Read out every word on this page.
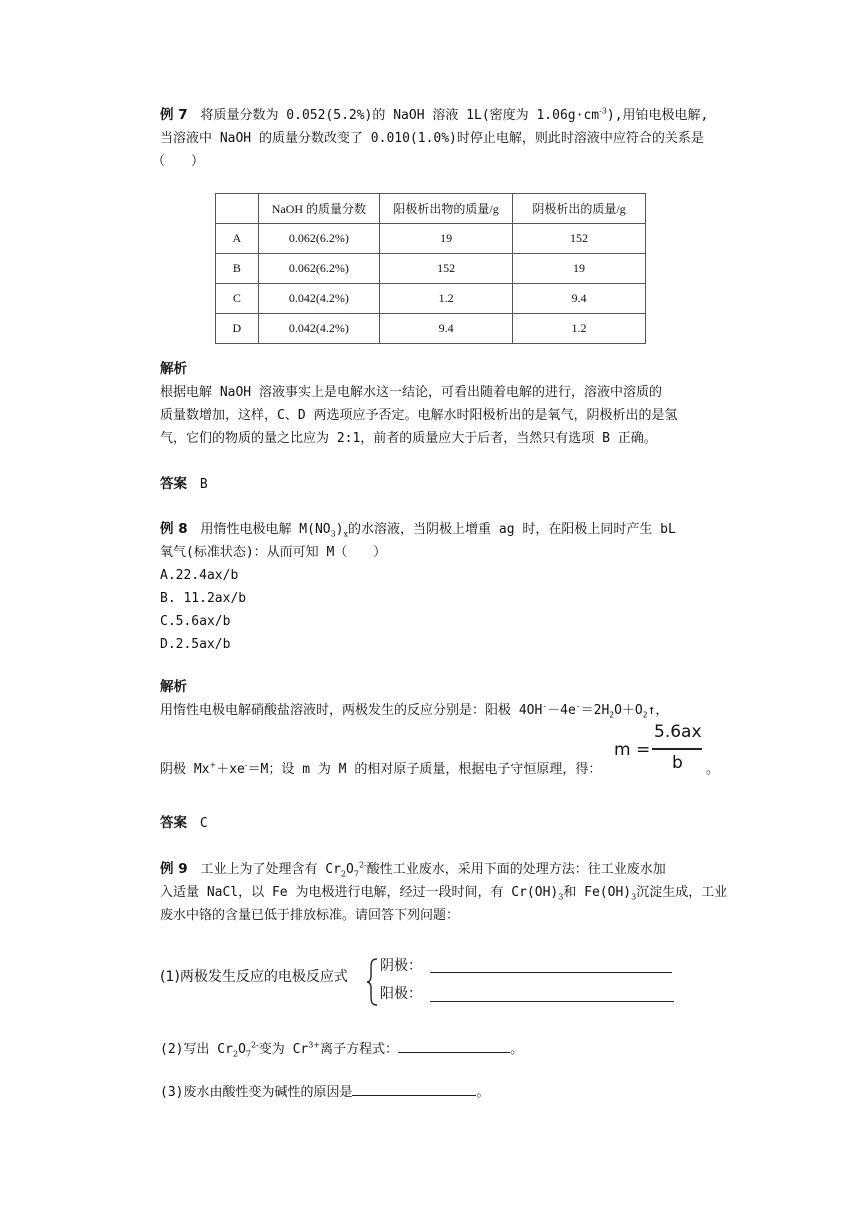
例 7 将质量分数为 0.052(5.2%)的 NaOH 溶液 1L(密度为 $1.06g\cdot cm^{-3}$),用铂电极电解,
当溶液中 NaOH 的质量分数改变了 0.010(1.0%)时停止电解，则此时溶液中应符合的关系是
（　　）
	NaOH 的质量分数	阳极析出物的质量/g	阴极析出的质量/g
A	0.062(6.2%)	19	152
B	0.062(6.2%)	152	19
C	0.042(4.2%)	1.2	9.4
D	0.042(4.2%)	9.4	1.2
解析
根据电解 NaOH 溶液事实上是电解水这一结论，可看出随着电解的进行，溶液中溶质的
质量数增加，这样，C、D 两选项应予否定。电解水时阳极析出的是氧气，阴极析出的是氢
气，它们的物质的量之比应为 2:1，前者的质量应大于后者，当然只有选项 B 正确。
答案 B
例 8 用惰性电极电解 $M(NO_3)_x$的水溶液，当阴极上增重 ag 时，在阳极上同时产生 bL
氧气(标准状态)：从而可知 M（　　）
A.22.4ax/b
B. 11.2ax/b
C.5.6ax/b
D.2.5ax/b
解析
用惰性电极电解硝酸盐溶液时，两极发生的反应分别是：阳极 $4OH^--4e^-=2H_2O+O_2↑$，
阴极 Mx+＋xe-＝M；设 m 为 M 的相对原子质量，根据电子守恒原理，得：
m =
5.6ax
b 。
答案 C
例 9 工业上为了处理含有 $Cr_2O_7^{2-}$酸性工业废水，采用下面的处理方法：往工业废水加
入适量 NaCl，以 Fe 为电极进行电解，经过一段时间，有 $Cr(OH)_3$和 $Fe(OH)_3$沉淀生成，工业
废水中铬的含量已低于排放标准。请回答下列问题：
(1)两极发生反应的电极反应式
阴极：
阳极：
(2)写出 $Cr_2O_7^{2-}$变为 $Cr^{3+}$离子方程式：	。
(3)废水由酸性变为碱性的原因是	。
